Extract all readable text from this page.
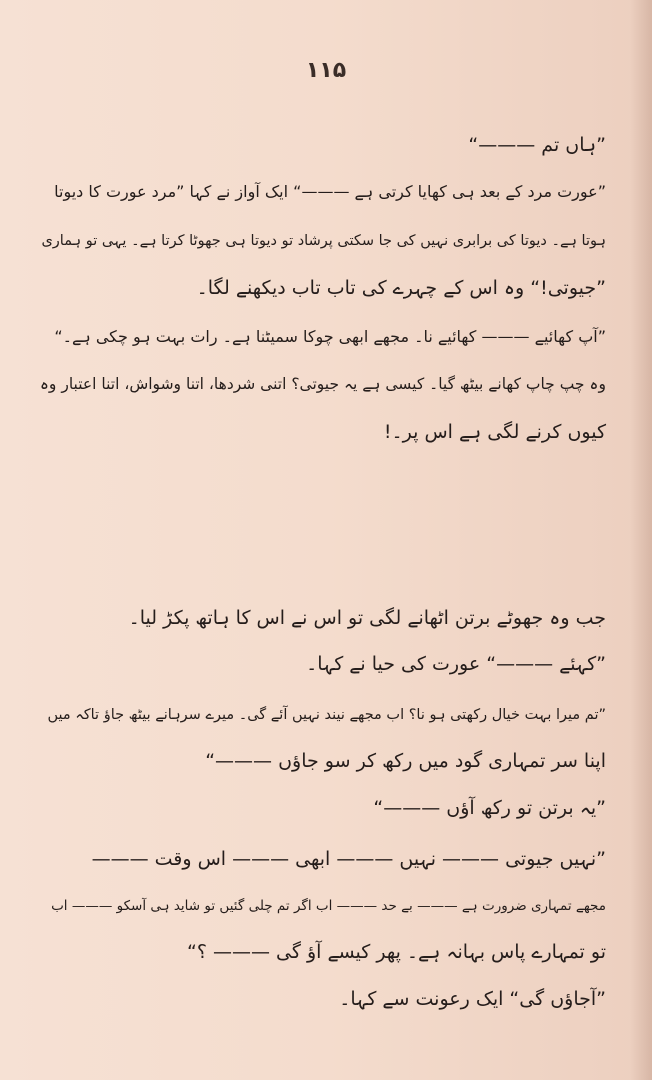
۱۱۵
”ہاں تم ———“
”عورت مرد کے بعد ہی کھایا کرتی ہے ———“ ایک آواز نے کہا ”مرد عورت کا دیوتا
ہوتا ہے۔ دیوتا کی برابری نہیں کی جا سکتی پرشاد تو دیوتا ہی جھوٹا کرتا ہے۔ یہی تو ہماری
”جیوتی!“ وہ اس کے چہرے کی تاب تاب دیکھنے لگا۔
”آپ کھائیے ——— کھائیے نا۔ مجھے ابھی چوکا سمیٹنا ہے۔ رات بہت ہو چکی ہے۔“
وہ چپ چاپ کھانے بیٹھ گیا۔ کیسی ہے یہ جیوتی؟ اتنی شردھا، اتنا وشواش، اتنا اعتبار وہ
کیوں کرنے لگی ہے اس پر۔!
جب وہ جھوٹے برتن اٹھانے لگی تو اس نے اس کا ہاتھ پکڑ لیا۔
”کہئے ———“ عورت کی حیا نے کہا۔
”تم میرا بہت خیال رکھتی ہو نا؟ اب مجھے نیند نہیں آئے گی۔ میرے سرہانے بیٹھ جاؤ تاکہ میں
اپنا سر تمہاری گود میں رکھ کر سو جاؤں ———“
”یہ برتن تو رکھ آؤں ———“
”نہیں جیوتی ——— نہیں ——— ابھی ——— اس وقت ———
مجھے تمہاری ضرورت ہے ——— بے حد ——— اب اگر تم چلی گئیں تو شاید ہی آسکو ——— اب
تو تمہارے پاس بہانہ ہے۔ پھر کیسے آؤ گی ——— ؟“
”آجاؤں گی“ ایک رعونت سے کہا۔
